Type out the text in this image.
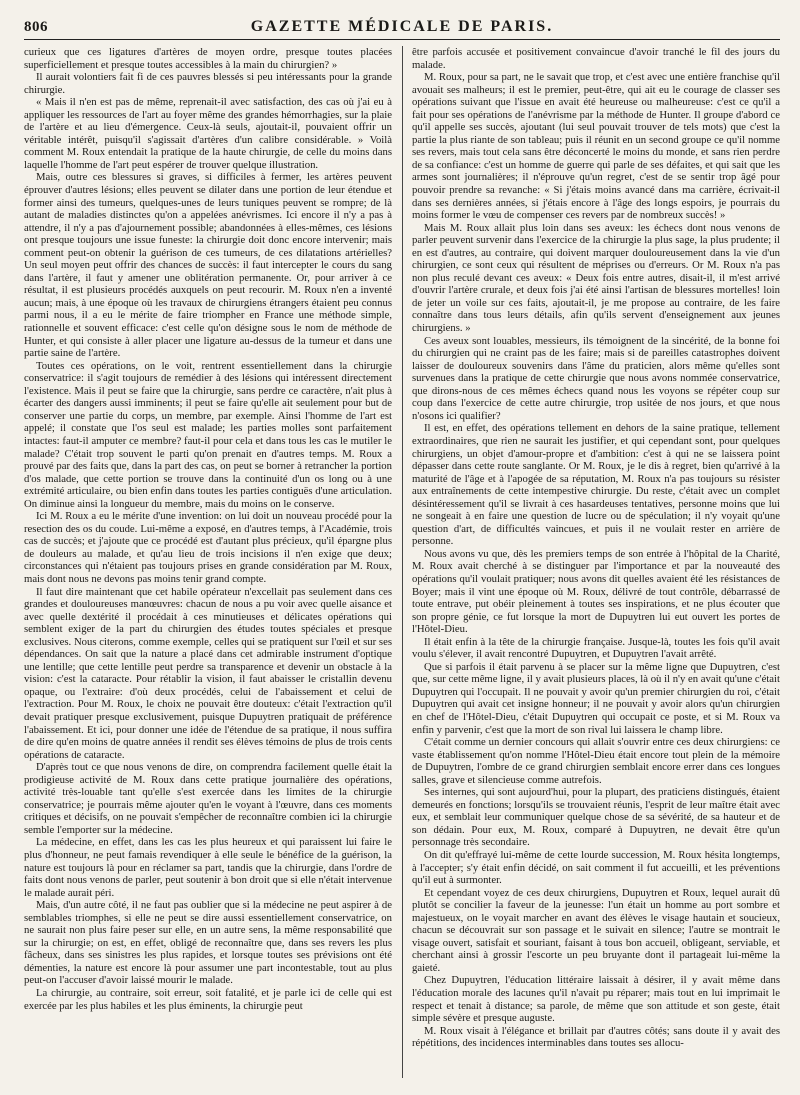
806	GAZETTE MÉDICALE DE PARIS.

curieux que ces ligatures d'artères de moyen ordre, presque toutes placées superficiellement et presque toutes accessibles à la main du chirurgien? »

Il aurait volontiers fait fi de ces pauvres blessés si peu intéressants pour la grande chirurgie.

« Mais il n'en est pas de même, reprenait-il avec satisfaction, des cas où j'ai eu à appliquer les ressources de l'art au foyer même des grandes hémorrhagies, sur la plaie de l'artère et au lieu d'émergence. Ceux-là seuls, ajoutait-il, pouvaient offrir un véritable intérêt, puisqu'il s'agissait d'artères d'un calibre considérable. » Voilà comment M. Roux entendait la pratique de la haute chirurgie, de celle du moins dans laquelle l'homme de l'art peut espérer de trouver quelque illustration.

Mais, outre ces blessures si graves, si difficiles à fermer, les artères peuvent éprouver d'autres lésions; elles peuvent se dilater dans une portion de leur étendue et former ainsi des tumeurs, quelques-unes de leurs tuniques peuvent se rompre; de là autant de maladies distinctes qu'on a appelées anévrismes. Ici encore il n'y a pas à attendre, il n'y a pas d'ajournement possible; abandonnées à elles-mêmes, ces lésions ont presque toujours une issue funeste: la chirurgie doit donc encore intervenir; mais comment peut-on obtenir la guérison de ces tumeurs, de ces dilatations artérielles? Un seul moyen peut offrir des chances de succès: il faut intercepter le cours du sang dans l'artère, il faut y amener une oblitération permanente. Or, pour arriver à ce résultat, il est plusieurs procédés auxquels on peut recourir. M. Roux n'en a inventé aucun; mais, à une époque où les travaux de chirurgiens étrangers étaient peu connus parmi nous, il a eu le mérite de faire triompher en France une méthode simple, rationnelle et souvent efficace: c'est celle qu'on désigne sous le nom de méthode de Hunter, et qui consiste à aller placer une ligature au-dessus de la tumeur et dans une partie saine de l'artère.

Toutes ces opérations, on le voit, rentrent essentiellement dans la chirurgie conservatrice: il s'agit toujours de remédier à des lésions qui intéressent directement l'existence. Mais il peut se faire que la chirurgie, sans perdre ce caractère, n'ait plus à écarter des dangers aussi imminents; il peut se faire qu'elle ait seulement pour but de conserver une partie du corps, un membre, par exemple. Ainsi l'homme de l'art est appelé; il constate que l'os seul est malade; les parties molles sont parfaitement intactes: faut-il amputer ce membre? faut-il pour cela et dans tous les cas le mutiler le malade? C'était trop souvent le parti qu'on prenait en d'autres temps. M. Roux a prouvé par des faits que, dans la part des cas, on peut se borner à retrancher la portion d'os malade, que cette portion se trouve dans la continuité d'un os long ou à une extrémité articulaire, ou bien enfin dans toutes les parties contiguës d'une articulation. On diminue ainsi la longueur du membre, mais du moins on le conserve.

Ici M. Roux a eu le mérite d'une invention: on lui doit un nouveau procédé pour la resection des os du coude. Lui-même a exposé, en d'autres temps, à l'Académie, trois cas de succès; et j'ajoute que ce procédé est d'autant plus précieux, qu'il épargne plus de douleurs au malade, et qu'au lieu de trois incisions il n'en exige que deux; circonstances qui n'étaient pas toujours prises en grande considération par M. Roux, mais dont nous ne devons pas moins tenir grand compte.

Il faut dire maintenant que cet habile opérateur n'excellait pas seulement dans ces grandes et douloureuses manœuvres: chacun de nous a pu voir avec quelle aisance et avec quelle dextérité il procédait à ces minutieuses et délicates opérations qui semblent exiger de la part du chirurgien des études toutes spéciales et presque exclusives. Nous citerons, comme exemple, celles qui se pratiquent sur l'œil et sur ses dépendances. On sait que la nature a placé dans cet admirable instrument d'optique une lentille; que cette lentille peut perdre sa transparence et devenir un obstacle à la vision: c'est la cataracte. Pour rétablir la vision, il faut abaisser le cristallin devenu opaque, ou l'extraire: d'où deux procédés, celui de l'abaissement et celui de l'extraction. Pour M. Roux, le choix ne pouvait être douteux: c'était l'extraction qu'il devait pratiquer presque exclusivement, puisque Dupuytren pratiquait de préférence l'abaissement. Et ici, pour donner une idée de l'étendue de sa pratique, il nous suffira de dire qu'en moins de quatre années il rendit ses élèves témoins de plus de trois cents opérations de cataracte.

D'après tout ce que nous venons de dire, on comprendra facilement quelle était la prodigieuse activité de M. Roux dans cette pratique journalière des opérations, activité très-louable tant qu'elle s'est exercée dans les limites de la chirurgie conservatrice; je pourrais même ajouter qu'en le voyant à l'œuvre, dans ces moments critiques et décisifs, on ne pouvait s'empêcher de reconnaître combien ici la chirurgie semble l'emporter sur la médecine.

La médecine, en effet, dans les cas les plus heureux et qui paraissent lui faire le plus d'honneur, ne peut famais revendiquer à elle seule le bénéfice de la guérison, la nature est toujours là pour en réclamer sa part, tandis que la chirurgie, dans l'ordre de faits dont nous venons de parler, peut soutenir à bon droit que si elle n'était intervenue le malade aurait péri.

Mais, d'un autre côté, il ne faut pas oublier que si la médecine ne peut aspirer à de semblables triomphes, si elle ne peut se dire aussi essentiellement conservatrice, on ne saurait non plus faire peser sur elle, en un autre sens, la même responsabilité que sur la chirurgie; on est, en effet, obligé de reconnaître que, dans ses revers les plus fâcheux, dans ses sinistres les plus rapides, et lorsque toutes ses prévisions ont été démenties, la nature est encore là pour assumer une part incontestable, tout au plus peut-on l'accuser d'avoir laissé mourir le malade.

La chirurgie, au contraire, soit erreur, soit fatalité, et je parle ici de celle qui est exercée par les plus habiles et les plus éminents, la chirurgie peut

être parfois accusée et positivement convaincue d'avoir tranché le fil des jours du malade.

M. Roux, pour sa part, ne le savait que trop, et c'est avec une entière franchise qu'il avouait ses malheurs; il est le premier, peut-être, qui ait eu le courage de classer ses opérations suivant que l'issue en avait été heureuse ou malheureuse: c'est ce qu'il a fait pour ses opérations de l'anévrisme par la méthode de Hunter. Il groupe d'abord ce qu'il appelle ses succès, ajoutant (lui seul pouvait trouver de tels mots) que c'est la partie la plus riante de son tableau; puis il réunit en un second groupe ce qu'il nomme ses revers, mais tout cela sans être déconcerté le moins du monde, et sans rien perdre de sa confiance: c'est un homme de guerre qui parle de ses défaites, et qui sait que les armes sont journalières; il n'éprouve qu'un regret, c'est de se sentir trop âgé pour pouvoir prendre sa revanche: « Si j'étais moins avancé dans ma carrière, écrivait-il dans ses dernières années, si j'étais encore à l'âge des longs espoirs, je pourrais du moins former le vœu de compenser ces revers par de nombreux succès! »

Mais M. Roux allait plus loin dans ses aveux: les échecs dont nous venons de parler peuvent survenir dans l'exercice de la chirurgie la plus sage, la plus prudente; il en est d'autres, au contraire, qui doivent marquer douloureusement dans la vie d'un chirurgien, ce sont ceux qui résultent de méprises ou d'erreurs. Or M. Roux n'a pas non plus reculé devant ces aveux: « Deux fois entre autres, disait-il, il m'est arrivé d'ouvrir l'artère crurale, et deux fois j'ai été ainsi l'artisan de blessures mortelles! loin de jeter un voile sur ces faits, ajoutait-il, je me propose au contraire, de les faire connaître dans tous leurs détails, afin qu'ils servent d'enseignement aux jeunes chirurgiens. »

Ces aveux sont louables, messieurs, ils témoignent de la sincérité, de la bonne foi du chirurgien qui ne craint pas de les faire; mais si de pareilles catastrophes doivent laisser de douloureux souvenirs dans l'âme du praticien, alors même qu'elles sont survenues dans la pratique de cette chirurgie que nous avons nommée conservatrice, que dirons-nous de ces mêmes échecs quand nous les voyons se répéter coup sur coup dans l'exercice de cette autre chirurgie, trop usitée de nos jours, et que nous n'osons ici qualifier?

Il est, en effet, des opérations tellement en dehors de la saine pratique, tellement extraordinaires, que rien ne saurait les justifier, et qui cependant sont, pour quelques chirurgiens, un objet d'amour-propre et d'ambition: c'est à qui ne se laissera point dépasser dans cette route sanglante. Or M. Roux, je le dis à regret, bien qu'arrivé à la maturité de l'âge et à l'apogée de sa réputation, M. Roux n'a pas toujours su résister aux entraînements de cette intempestive chirurgie. Du reste, c'était avec un complet désintéressement qu'il se livrait à ces hasardeuses tentatives, personne moins que lui ne songeait à en faire une question de lucre ou de spéculation; il n'y voyait qu'une question d'art, de difficultés vaincues, et puis il ne voulait rester en arrière de personne.

Nous avons vu que, dès les premiers temps de son entrée à l'hôpital de la Charité, M. Roux avait cherché à se distinguer par l'importance et par la nouveauté des opérations qu'il voulait pratiquer; nous avons dit quelles avaient été les résistances de Boyer; mais il vint une époque où M. Roux, délivré de tout contrôle, débarrassé de toute entrave, put obéir pleinement à toutes ses inspirations, et ne plus écouter que son propre génie, ce fut lorsque la mort de Dupuytren lui eut ouvert les portes de l'Hôtel-Dieu.

Il était enfin à la tête de la chirurgie française. Jusque-là, toutes les fois qu'il avait voulu s'élever, il avait rencontré Dupuytren, et Dupuytren l'avait arrêté.

Que si parfois il était parvenu à se placer sur la même ligne que Dupuytren, c'est que, sur cette même ligne, il y avait plusieurs places, là où il n'y en avait qu'une c'était Dupuytren qui l'occupait. Il ne pouvait y avoir qu'un premier chirurgien du roi, c'était Dupuytren qui avait cet insigne honneur; il ne pouvait y avoir alors qu'un chirurgien en chef de l'Hôtel-Dieu, c'était Dupuytren qui occupait ce poste, et si M. Roux va enfin y parvenir, c'est que la mort de son rival lui laissera le champ libre.

C'était comme un dernier concours qui allait s'ouvrir entre ces deux chirurgiens: ce vaste établissement qu'on nomme l'Hôtel-Dieu était encore tout plein de la mémoire de Dupuytren, l'ombre de ce grand chirurgien semblait encore errer dans ces longues salles, grave et silencieuse comme autrefois.

Ses internes, qui sont aujourd'hui, pour la plupart, des praticiens distingués, étaient demeurés en fonctions; lorsqu'ils se trouvaient réunis, l'esprit de leur maître était avec eux, et semblait leur communiquer quelque chose de sa sévérité, de sa hauteur et de son dédain. Pour eux, M. Roux, comparé à Dupuytren, ne devait être qu'un personnage très secondaire.

On dit qu'effrayé lui-même de cette lourde succession, M. Roux hésita longtemps, à l'accepter; s'y était enfin décidé, on sait comment il fut accueilli, et les préventions qu'il eut à surmonter.

Et cependant voyez de ces deux chirurgiens, Dupuytren et Roux, lequel aurait dû plutôt se concilier la faveur de la jeunesse: l'un était un homme au port sombre et majestueux, on le voyait marcher en avant des élèves le visage hautain et soucieux, chacun se découvrait sur son passage et le suivait en silence; l'autre se montrait le visage ouvert, satisfait et souriant, faisant à tous bon accueil, obligeant, serviable, et cherchant ainsi à grossir l'escorte un peu bruyante dont il partageait lui-même la gaieté.

Chez Dupuytren, l'éducation littéraire laissait à désirer, il y avait même dans l'éducation morale des lacunes qu'il n'avait pu réparer; mais tout en lui imprimait le respect et tenait à distance; sa parole, de même que son attitude et son geste, était simple sévère et presque auguste.

M. Roux visait à l'élégance et brillait par d'autres côtés; sans doute il y avait des répétitions, des incidences interminables dans toutes ses allocu-
